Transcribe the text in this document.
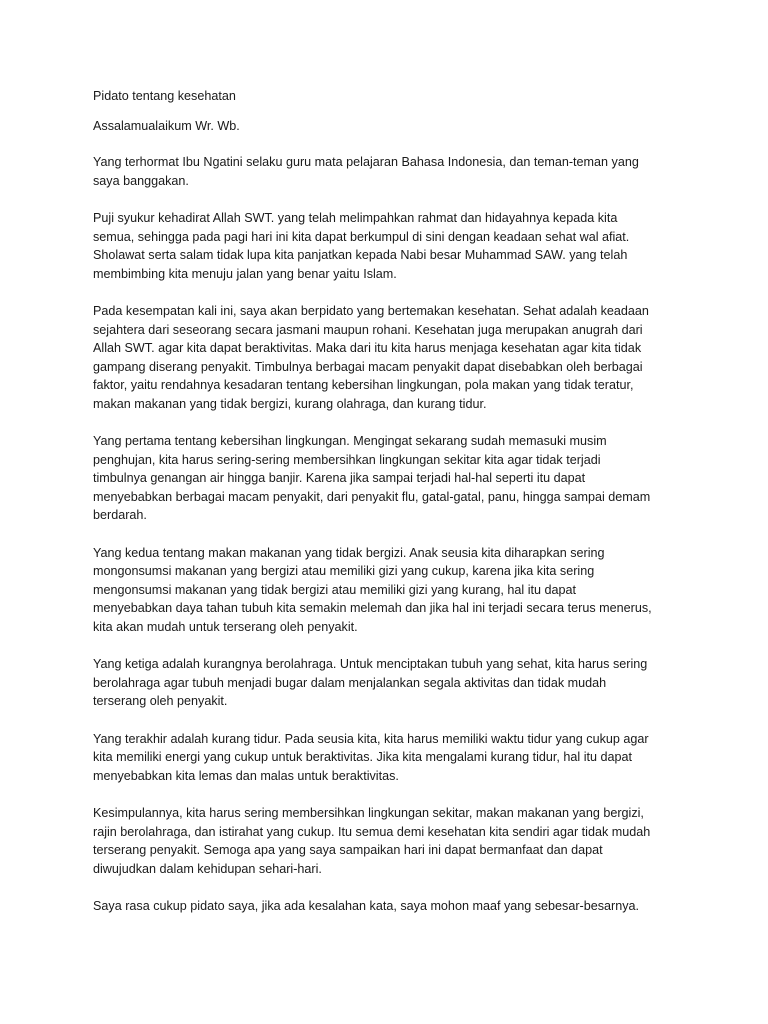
Pidato tentang kesehatan
Assalamualaikum Wr. Wb.
Yang terhormat Ibu Ngatini selaku guru mata pelajaran Bahasa Indonesia, dan teman-teman yang
saya banggakan.
Puji syukur kehadirat Allah SWT. yang telah melimpahkan rahmat dan hidayahnya kepada kita
semua, sehingga pada pagi hari ini kita dapat berkumpul di sini dengan keadaan sehat wal afiat.
Sholawat serta salam tidak lupa kita panjatkan kepada Nabi besar Muhammad SAW. yang telah
membimbing kita menuju jalan yang benar yaitu Islam.
Pada kesempatan kali ini, saya akan berpidato yang bertemakan kesehatan. Sehat adalah keadaan
sejahtera dari seseorang secara jasmani maupun rohani. Kesehatan juga merupakan anugrah dari
Allah SWT. agar kita dapat beraktivitas. Maka dari itu kita harus menjaga kesehatan agar kita tidak
gampang diserang penyakit. Timbulnya berbagai macam penyakit dapat disebabkan oleh berbagai
faktor, yaitu rendahnya kesadaran tentang kebersihan lingkungan, pola makan yang tidak teratur,
makan makanan yang tidak bergizi, kurang olahraga, dan kurang tidur.
Yang pertama tentang kebersihan lingkungan. Mengingat sekarang sudah memasuki musim
penghujan, kita harus sering-sering membersihkan lingkungan sekitar kita agar tidak terjadi
timbulnya genangan air hingga banjir. Karena jika sampai terjadi hal-hal seperti itu dapat
menyebabkan berbagai macam penyakit, dari penyakit flu, gatal-gatal, panu, hingga sampai demam
berdarah.
Yang kedua tentang makan makanan yang tidak bergizi. Anak seusia kita diharapkan sering
mongonsumsi makanan yang bergizi atau memiliki gizi yang cukup, karena jika kita sering
mengonsumsi makanan yang tidak bergizi atau memiliki gizi yang kurang, hal itu dapat
menyebabkan daya tahan tubuh kita semakin melemah dan jika hal ini terjadi secara terus menerus,
kita akan mudah untuk terserang oleh penyakit.
Yang ketiga adalah kurangnya berolahraga. Untuk menciptakan tubuh yang sehat, kita harus sering
berolahraga agar tubuh menjadi bugar dalam menjalankan segala aktivitas dan tidak mudah
terserang oleh penyakit.
Yang terakhir adalah kurang tidur. Pada seusia kita, kita harus memiliki waktu tidur yang cukup agar
kita memiliki energi yang cukup untuk beraktivitas. Jika kita mengalami kurang tidur, hal itu dapat
menyebabkan kita lemas dan malas untuk beraktivitas.
Kesimpulannya, kita harus sering membersihkan lingkungan sekitar, makan makanan yang bergizi,
rajin berolahraga, dan istirahat yang cukup. Itu semua demi kesehatan kita sendiri agar tidak mudah
terserang penyakit. Semoga apa yang saya sampaikan hari ini dapat bermanfaat dan dapat
diwujudkan dalam kehidupan sehari-hari.
Saya rasa cukup pidato saya, jika ada kesalahan kata, saya mohon maaf yang sebesar-besarnya.
